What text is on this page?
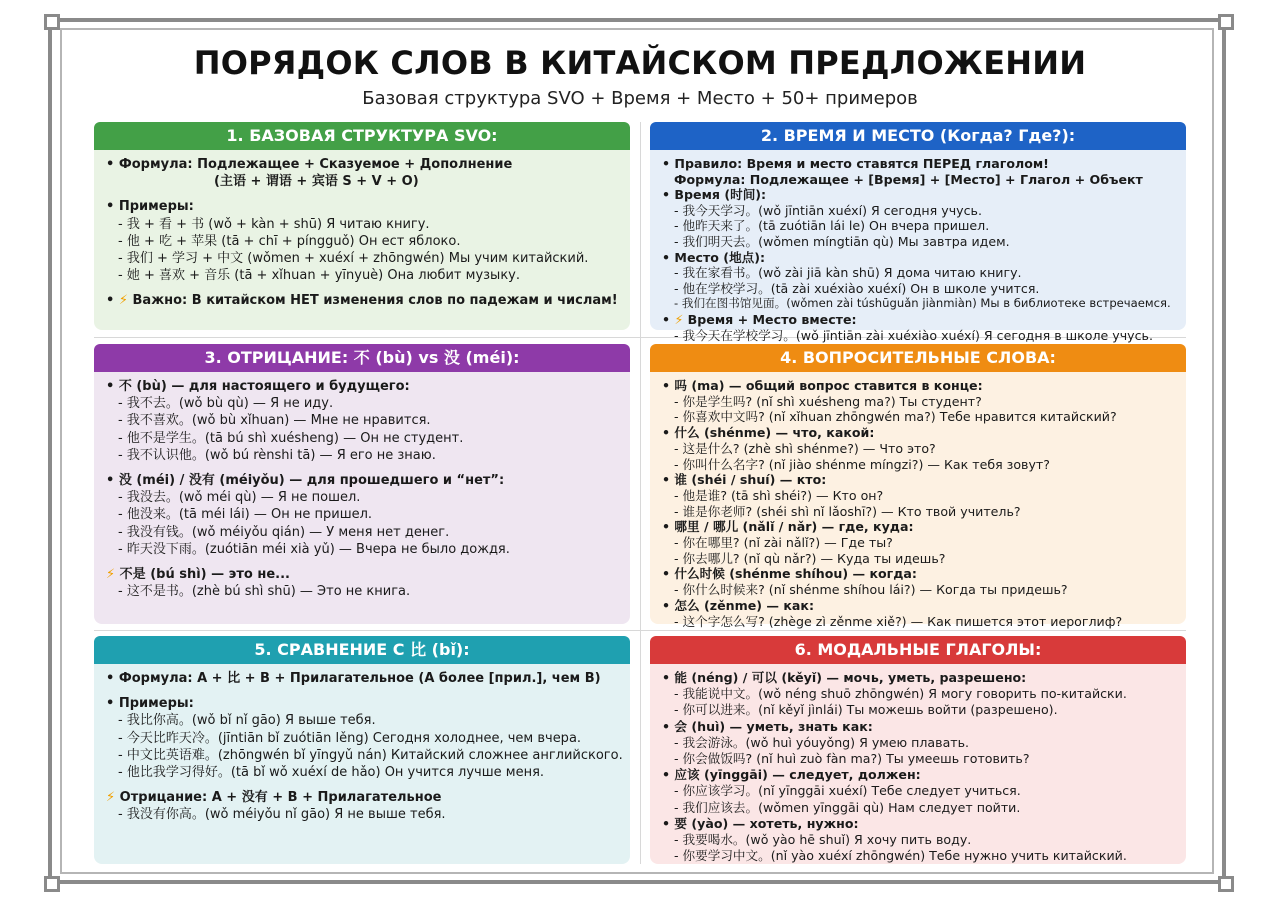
ПОРЯДОК СЛОВ В КИТАЙСКОМ ПРЕДЛОЖЕНИИ
Базовая структура SVO + Время + Место + 50+ примеров
1. БАЗОВАЯ СТРУКТУРА SVO:
• Формула: Подлежащее + Сказуемое + Дополнение
(主语 + 谓语 + 宾语 S + V + O)
• Примеры:
- 我 + 看 + 书 (wǒ + kàn + shū) Я читаю книгу.
- 他 + 吃 + 苹果 (tā + chī + píngguǒ) Он ест яблоко.
- 我们 + 学习 + 中文 (wǒmen + xuéxí + zhōngwén) Мы учим китайский.
- 她 + 喜欢 + 音乐 (tā + xǐhuan + yīnyuè) Она любит музыку.
• ⚡ Важно: В китайском НЕТ изменения слов по падежам и числам!
2. ВРЕМЯ И МЕСТО (Когда? Где?):
• Правило: Время и место ставятся ПЕРЕД глаголом!
Формула: Подлежащее + [Время] + [Место] + Глагол + Объект
• Время (时间):
- 我今天学习。(wǒ jīntiān xuéxí) Я сегодня учусь.
- 他昨天来了。(tā zuótiān lái le) Он вчера пришел.
- 我们明天去。(wǒmen míngtiān qù) Мы завтра идем.
• Место (地点):
- 我在家看书。(wǒ zài jiā kàn shū) Я дома читаю книгу.
- 他在学校学习。(tā zài xuéxiào xuéxí) Он в школе учится.
- 我们在图书馆见面。(wǒmen zài túshūguǎn jiànmiàn) Мы в библиотеке встречаемся.
• ⚡ Время + Место вместе:
- 我今天在学校学习。(wǒ jīntiān zài xuéxiào xuéxí) Я сегодня в школе учусь.
3. ОТРИЦАНИЕ: 不 (bù) vs 没 (méi):
• 不 (bù) — для настоящего и будущего:
- 我不去。(wǒ bù qù) — Я не иду.
- 我不喜欢。(wǒ bù xǐhuan) — Мне не нравится.
- 他不是学生。(tā bú shì xuésheng) — Он не студент.
- 我不认识他。(wǒ bú rènshi tā) — Я его не знаю.
• 没 (méi) / 没有 (méiyǒu) — для прошедшего и “нет”:
- 我没去。(wǒ méi qù) — Я не пошел.
- 他没来。(tā méi lái) — Он не пришел.
- 我没有钱。(wǒ méiyǒu qián) — У меня нет денег.
- 昨天没下雨。(zuótiān méi xià yǔ) — Вчера не было дождя.
⚡ 不是 (bú shì) — это не...
- 这不是书。(zhè bú shì shū) — Это не книга.
4. ВОПРОСИТЕЛЬНЫЕ СЛОВА:
• 吗 (ma) — общий вопрос ставится в конце:
- 你是学生吗? (nǐ shì xuésheng ma?) Ты студент?
- 你喜欢中文吗? (nǐ xǐhuan zhōngwén ma?) Тебе нравится китайский?
• 什么 (shénme) — что, какой:
- 这是什么? (zhè shì shénme?) — Что это?
- 你叫什么名字? (nǐ jiào shénme míngzi?) — Как тебя зовут?
• 谁 (shéi / shuí) — кто:
- 他是谁? (tā shì shéi?) — Кто он?
- 谁是你老师? (shéi shì nǐ lǎoshī?) — Кто твой учитель?
• 哪里 / 哪儿 (nǎlǐ / nǎr) — где, куда:
- 你在哪里? (nǐ zài nǎlǐ?) — Где ты?
- 你去哪儿? (nǐ qù nǎr?) — Куда ты идешь?
• 什么时候 (shénme shíhou) — когда:
- 你什么时候来? (nǐ shénme shíhou lái?) — Когда ты придешь?
• 怎么 (zěnme) — как:
- 这个字怎么写? (zhège zì zěnme xiě?) — Как пишется этот иероглиф?
5. СРАВНЕНИЕ С 比 (bǐ):
• Формула: A + 比 + B + Прилагательное (А более [прил.], чем B)
• Примеры:
- 我比你高。(wǒ bǐ nǐ gāo) Я выше тебя.
- 今天比昨天冷。(jīntiān bǐ zuótiān lěng) Сегодня холоднее, чем вчера.
- 中文比英语难。(zhōngwén bǐ yīngyǔ nán) Китайский сложнее английского.
- 他比我学习得好。(tā bǐ wǒ xuéxí de hǎo) Он учится лучше меня.
⚡ Отрицание: A + 没有 + B + Прилагательное
- 我没有你高。(wǒ méiyǒu nǐ gāo) Я не выше тебя.
6. МОДАЛЬНЫЕ ГЛАГОЛЫ:
• 能 (néng) / 可以 (kěyǐ) — мочь, уметь, разрешено:
- 我能说中文。(wǒ néng shuō zhōngwén) Я могу говорить по-китайски.
- 你可以进来。(nǐ kěyǐ jìnlái) Ты можешь войти (разрешено).
• 会 (huì) — уметь, знать как:
- 我会游泳。(wǒ huì yóuyǒng) Я умею плавать.
- 你会做饭吗? (nǐ huì zuò fàn ma?) Ты умеешь готовить?
• 应该 (yīnggāi) — следует, должен:
- 你应该学习。(nǐ yīnggāi xuéxí) Тебе следует учиться.
- 我们应该去。(wǒmen yīnggāi qù) Нам следует пойти.
• 要 (yào) — хотеть, нужно:
- 我要喝水。(wǒ yào hē shuǐ) Я хочу пить воду.
- 你要学习中文。(nǐ yào xuéxí zhōngwén) Тебе нужно учить китайский.
